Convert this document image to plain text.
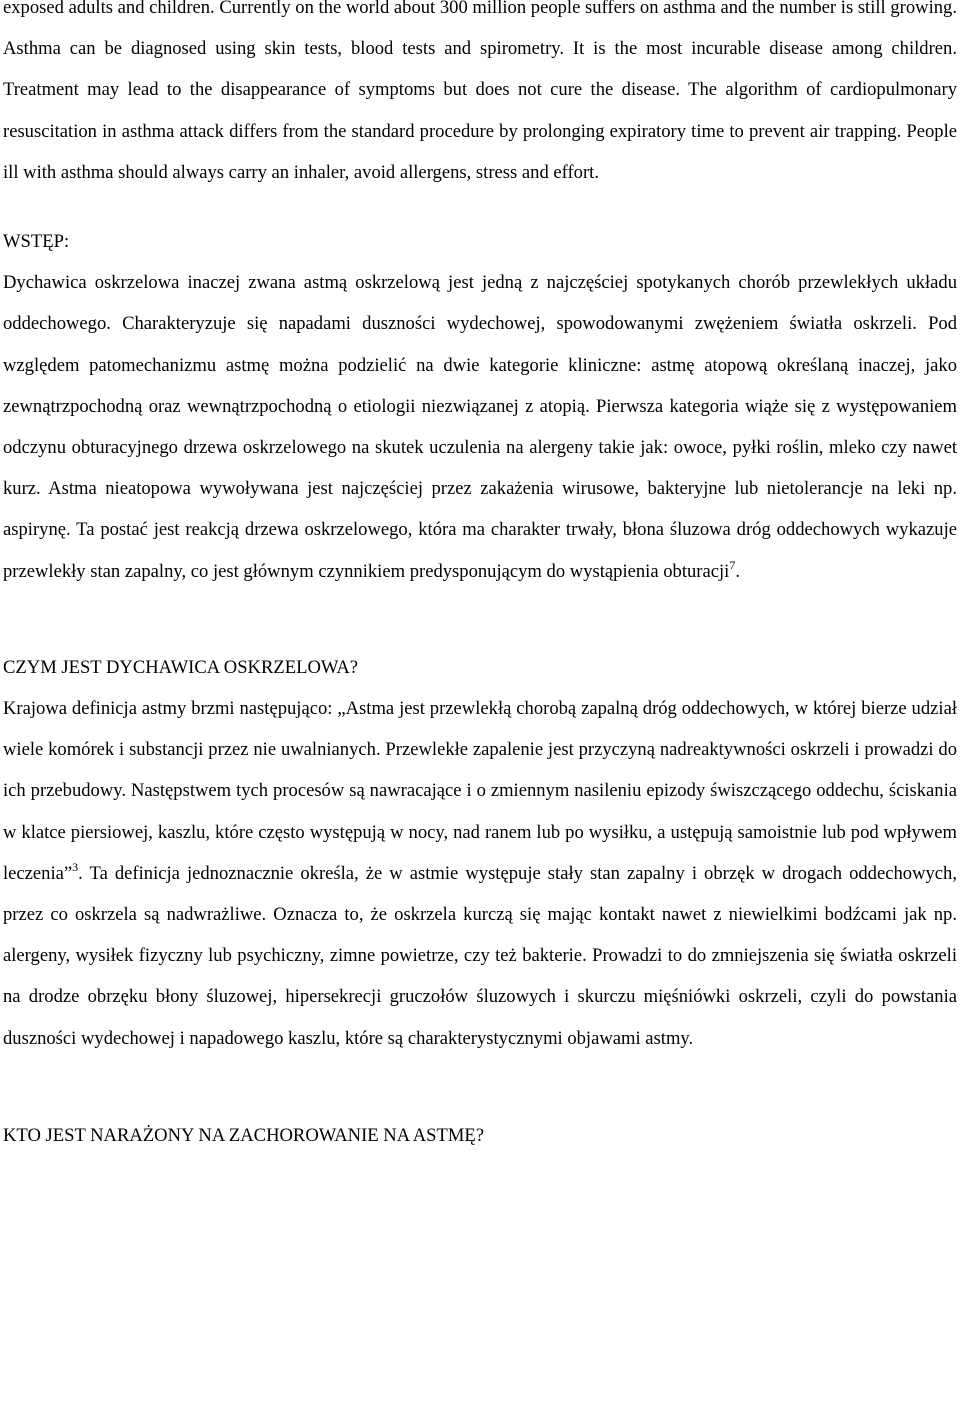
exposed adults and children. Currently on the world about 300 million people suffers on asthma and the number is still growing. Asthma can be diagnosed using skin tests, blood tests and spirometry. It is the most incurable disease among children. Treatment may lead to the disappearance of symptoms but does not cure the disease. The algorithm of cardiopulmonary resuscitation in asthma attack differs from the standard procedure by prolonging expiratory time to prevent air trapping. People ill with asthma should always carry an inhaler, avoid allergens, stress and effort.

WSTĘP:

Dychawica oskrzelowa inaczej zwana astmą oskrzelową jest jedną z najczęściej spotykanych chorób przewlekłych układu oddechowego. Charakteryzuje się napadami duszności wydechowej, spowodowanymi zwężeniem światła oskrzeli. Pod względem patomechanizmu astmę można podzielić na dwie kategorie kliniczne: astmę atopową określaną inaczej, jako zewnątrzpochodną oraz wewnątrzpochodną o etiologii niezwiązanej z atopią. Pierwsza kategoria wiąże się z występowaniem odczynu obturacyjnego drzewa oskrzelowego na skutek uczulenia na alergeny takie jak: owoce, pyłki roślin, mleko czy nawet kurz. Astma nieatopowa wywoływana jest najczęściej przez zakażenia wirusowe, bakteryjne lub nietolerancje na leki np. aspirynę. Ta postać jest reakcją drzewa oskrzelowego, która ma charakter trwały, błona śluzowa dróg oddechowych wykazuje przewlekły stan zapalny, co jest głównym czynnikiem predysponującym do wystąpienia obturacji$^7$.

CZYM JEST DYCHAWICA OSKRZELOWA?

Krajowa definicja astmy brzmi następująco: „Astma jest przewlekłą chorobą zapalną dróg oddechowych, w której bierze udział wiele komórek i substancji przez nie uwalnianych. Przewlekłe zapalenie jest przyczyną nadreaktywności oskrzeli i prowadzi do ich przebudowy. Następstwem tych procesów są nawracające i o zmiennym nasileniu epizody świszczącego oddechu, ściskania w klatce piersiowej, kaszlu, które często występują w nocy, nad ranem lub po wysiłku, a ustępują samoistnie lub pod wpływem leczenia”$^3$. Ta definicja jednoznacznie określa, że w astmie występuje stały stan zapalny i obrzęk w drogach oddechowych, przez co oskrzela są nadwrażliwe. Oznacza to, że oskrzela kurczą się mając kontakt nawet z niewielkimi bodźcami jak np. alergeny, wysiłek fizyczny lub psychiczny, zimne powietrze, czy też bakterie. Prowadzi to do zmniejszenia się światła oskrzeli na drodze obrzęku błony śluzowej, hipersekrecji gruczołów śluzowych i skurczu mięśniówki oskrzeli, czyli do powstania duszności wydechowej i napadowego kaszlu, które są charakterystycznymi objawami astmy.

KTO JEST NARAŻONY NA ZACHOROWANIE NA ASTMĘ?
